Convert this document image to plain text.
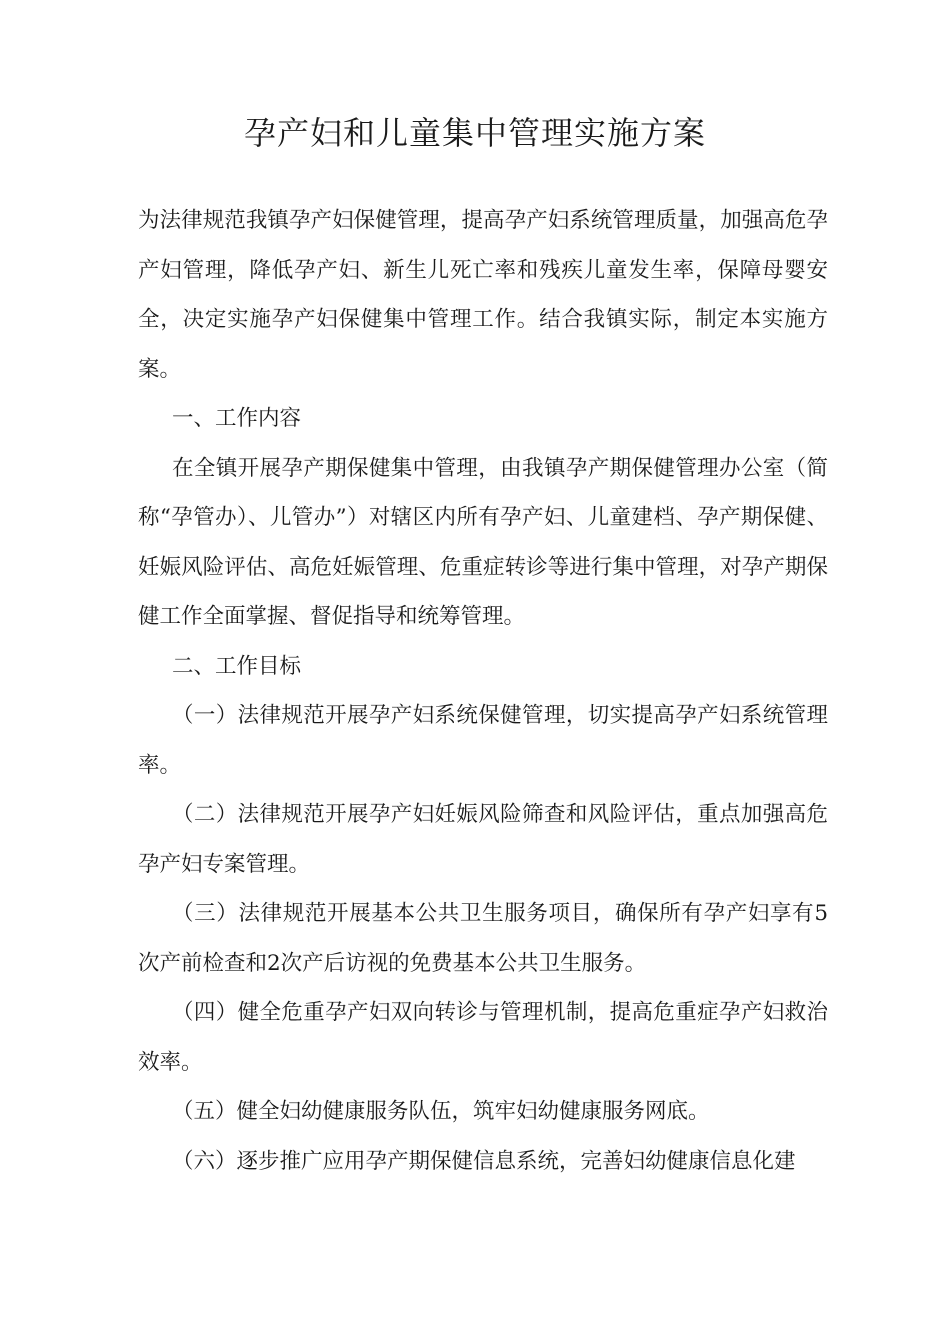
孕产妇和儿童集中管理实施方案

为法律规范我镇孕产妇保健管理，提高孕产妇系统管理质量，加强高危孕产妇管理，降低孕产妇、新生儿死亡率和残疾儿童发生率，保障母婴安全，决定实施孕产妇保健集中管理工作。结合我镇实际，制定本实施方案。

一、工作内容

在全镇开展孕产期保健集中管理，由我镇孕产期保健管理办公室（简称“孕管办）、儿管办”）对辖区内所有孕产妇、儿童建档、孕产期保健、妊娠风险评估、高危妊娠管理、危重症转诊等进行集中管理，对孕产期保健工作全面掌握、督促指导和统筹管理。

二、工作目标

（一）法律规范开展孕产妇系统保健管理，切实提高孕产妇系统管理率。

（二）法律规范开展孕产妇妊娠风险筛查和风险评估，重点加强高危孕产妇专案管理。

（三）法律规范开展基本公共卫生服务项目，确保所有孕产妇享有5次产前检查和2次产后访视的免费基本公共卫生服务。

（四）健全危重孕产妇双向转诊与管理机制，提高危重症孕产妇救治效率。

（五）健全妇幼健康服务队伍，筑牢妇幼健康服务网底。

（六）逐步推广应用孕产期保健信息系统，完善妇幼健康信息化建
